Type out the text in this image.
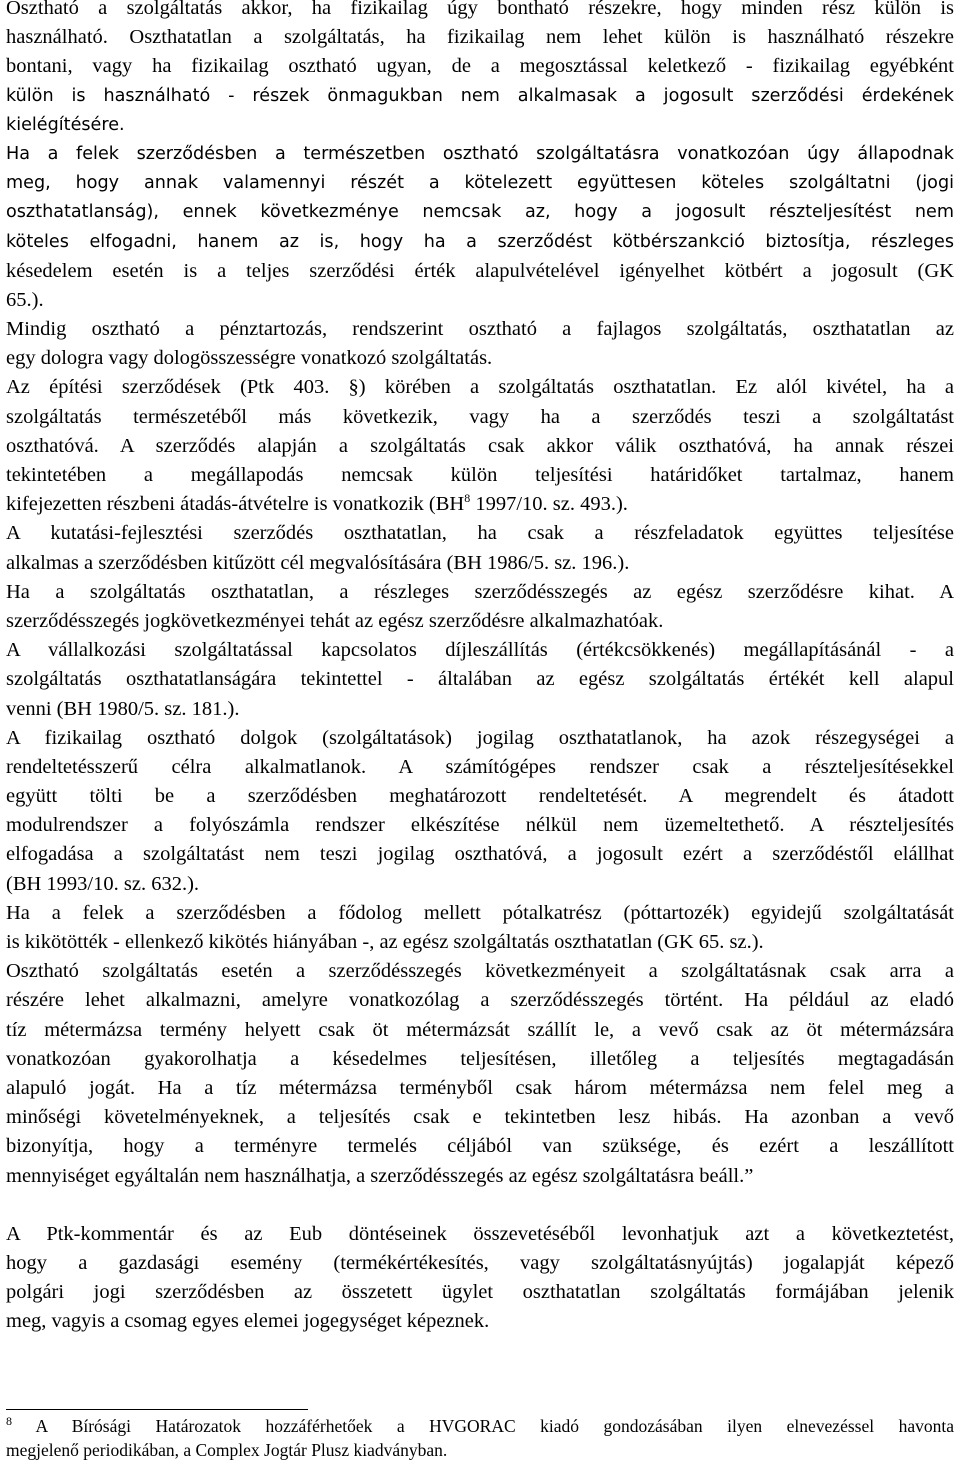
Osztható a szolgáltatás akkor, ha fizikailag úgy bontható részekre, hogy minden rész külön is
használható. Oszthatatlan a szolgáltatás, ha fizikailag nem lehet külön is használható részekre
bontani, vagy ha fizikailag osztható ugyan, de a megosztással keletkező - fizikailag egyébként
külön is használható - részek önmagukban nem alkalmasak a jogosult szerződési érdekének
kielégítésére.
Ha a felek szerződésben a természetben osztható szolgáltatásra vonatkozóan úgy állapodnak
meg, hogy annak valamennyi részét a kötelezett együttesen köteles szolgáltatni (jogi
oszthatatlanság), ennek következménye nemcsak az, hogy a jogosult részteljesítést nem
köteles elfogadni, hanem az is, hogy ha a szerződést kötbérszankció biztosítja, részleges
késedelem esetén is a teljes szerződési érték alapulvételével igényelhet kötbért a jogosult (GK
65.).
Mindig osztható a pénztartozás, rendszerint osztható a fajlagos szolgáltatás, oszthatatlan az
egy dologra vagy dologösszességre vonatkozó szolgáltatás.
Az építési szerződések (Ptk 403. §) körében a szolgáltatás oszthatatlan. Ez alól kivétel, ha a
szolgáltatás természetéből más következik, vagy ha a szerződés teszi a szolgáltatást
oszthatóvá. A szerződés alapján a szolgáltatás csak akkor válik oszthatóvá, ha annak részei
tekintetében a megállapodás nemcsak külön teljesítési határidőket tartalmaz, hanem
kifejezetten részbeni átadás-átvételre is vonatkozik ($BH^8$ 1997/10. sz. 493.).
A kutatási-fejlesztési szerződés oszthatatlan, ha csak a részfeladatok együttes teljesítése
alkalmas a szerződésben kitűzött cél megvalósítására (BH 1986/5. sz. 196.).
Ha a szolgáltatás oszthatatlan, a részleges szerződésszegés az egész szerződésre kihat. A
szerződésszegés jogkövetkezményei tehát az egész szerződésre alkalmazhatóak.
A vállalkozási szolgáltatással kapcsolatos díjleszállítás (értékcsökkenés) megállapításánál - a
szolgáltatás oszthatatlanságára tekintettel - általában az egész szolgáltatás értékét kell alapul
venni (BH 1980/5. sz. 181.).
A fizikailag osztható dolgok (szolgáltatások) jogilag oszthatatlanok, ha azok részegységei a
rendeltetésszerű célra alkalmatlanok. A számítógépes rendszer csak a részteljesítésekkel
együtt tölti be a szerződésben meghatározott rendeltetését. A megrendelt és átadott
modulrendszer a folyószámla rendszer elkészítése nélkül nem üzemeltethető. A részteljesítés
elfogadása a szolgáltatást nem teszi jogilag oszthatóvá, a jogosult ezért a szerződéstől elállhat
(BH 1993/10. sz. 632.).
Ha a felek a szerződésben a fődolog mellett pótalkatrész (póttartozék) egyidejű szolgáltatását
is kikötötték - ellenkező kikötés hiányában -, az egész szolgáltatás oszthatatlan (GK 65. sz.).
Osztható szolgáltatás esetén a szerződésszegés következményeit a szolgáltatásnak csak arra a
részére lehet alkalmazni, amelyre vonatkozólag a szerződésszegés történt. Ha például az eladó
tíz métermázsa termény helyett csak öt métermázsát szállít le, a vevő csak az öt métermázsára
vonatkozóan gyakorolhatja a késedelmes teljesítésen, illetőleg a teljesítés megtagadásán
alapuló jogát. Ha a tíz métermázsa terményből csak három métermázsa nem felel meg a
minőségi követelményeknek, a teljesítés csak e tekintetben lesz hibás. Ha azonban a vevő
bizonyítja, hogy a terményre termelés céljából van szüksége, és ezért a leszállított
mennyiséget egyáltalán nem használhatja, a szerződésszegés az egész szolgáltatásra beáll.”
A Ptk-kommentár és az Eub döntéseinek összevetéséből levonhatjuk azt a következtetést,
hogy a gazdasági esemény (termékértékesítés, vagy szolgáltatásnyújtás) jogalapját képező
polgári jogi szerződésben az összetett ügylet oszthatatlan szolgáltatás formájában jelenik
meg, vagyis a csomag egyes elemei jogegységet képeznek.
$^8$ A Bírósági Határozatok hozzáférhetőek a HVGORAC kiadó gondozásában ilyen elnevezéssel havonta
megjelenő periodikában, a Complex Jogtár Plusz kiadványban.
